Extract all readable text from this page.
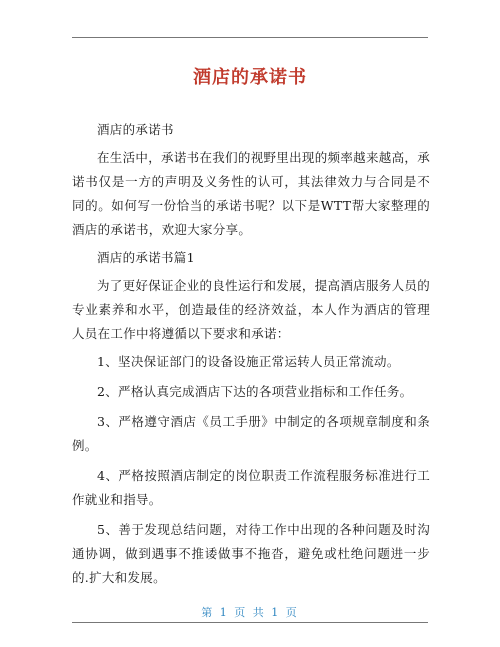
酒店的承诺书

酒店的承诺书

在生活中，承诺书在我们的视野里出现的频率越来越高，承诺书仅是一方的声明及义务性的认可，其法律效力与合同是不同的。如何写一份恰当的承诺书呢？以下是WTT帮大家整理的酒店的承诺书，欢迎大家分享。

酒店的承诺书篇1

为了更好保证企业的良性运行和发展，提高酒店服务人员的专业素养和水平，创造最佳的经济效益，本人作为酒店的管理人员在工作中将遵循以下要求和承诺：

1、坚决保证部门的设备设施正常运转人员正常流动。

2、严格认真完成酒店下达的各项营业指标和工作任务。

3、严格遵守酒店《员工手册》中制定的各项规章制度和条例。

4、严格按照酒店制定的岗位职责工作流程服务标准进行工作就业和指导。

5、善于发现总结问题，对待工作中出现的各种问题及时沟通协调，做到遇事不推诿做事不拖沓，避免或杜绝问题进一步的.扩大和发展。

第 1 页 共 1 页
